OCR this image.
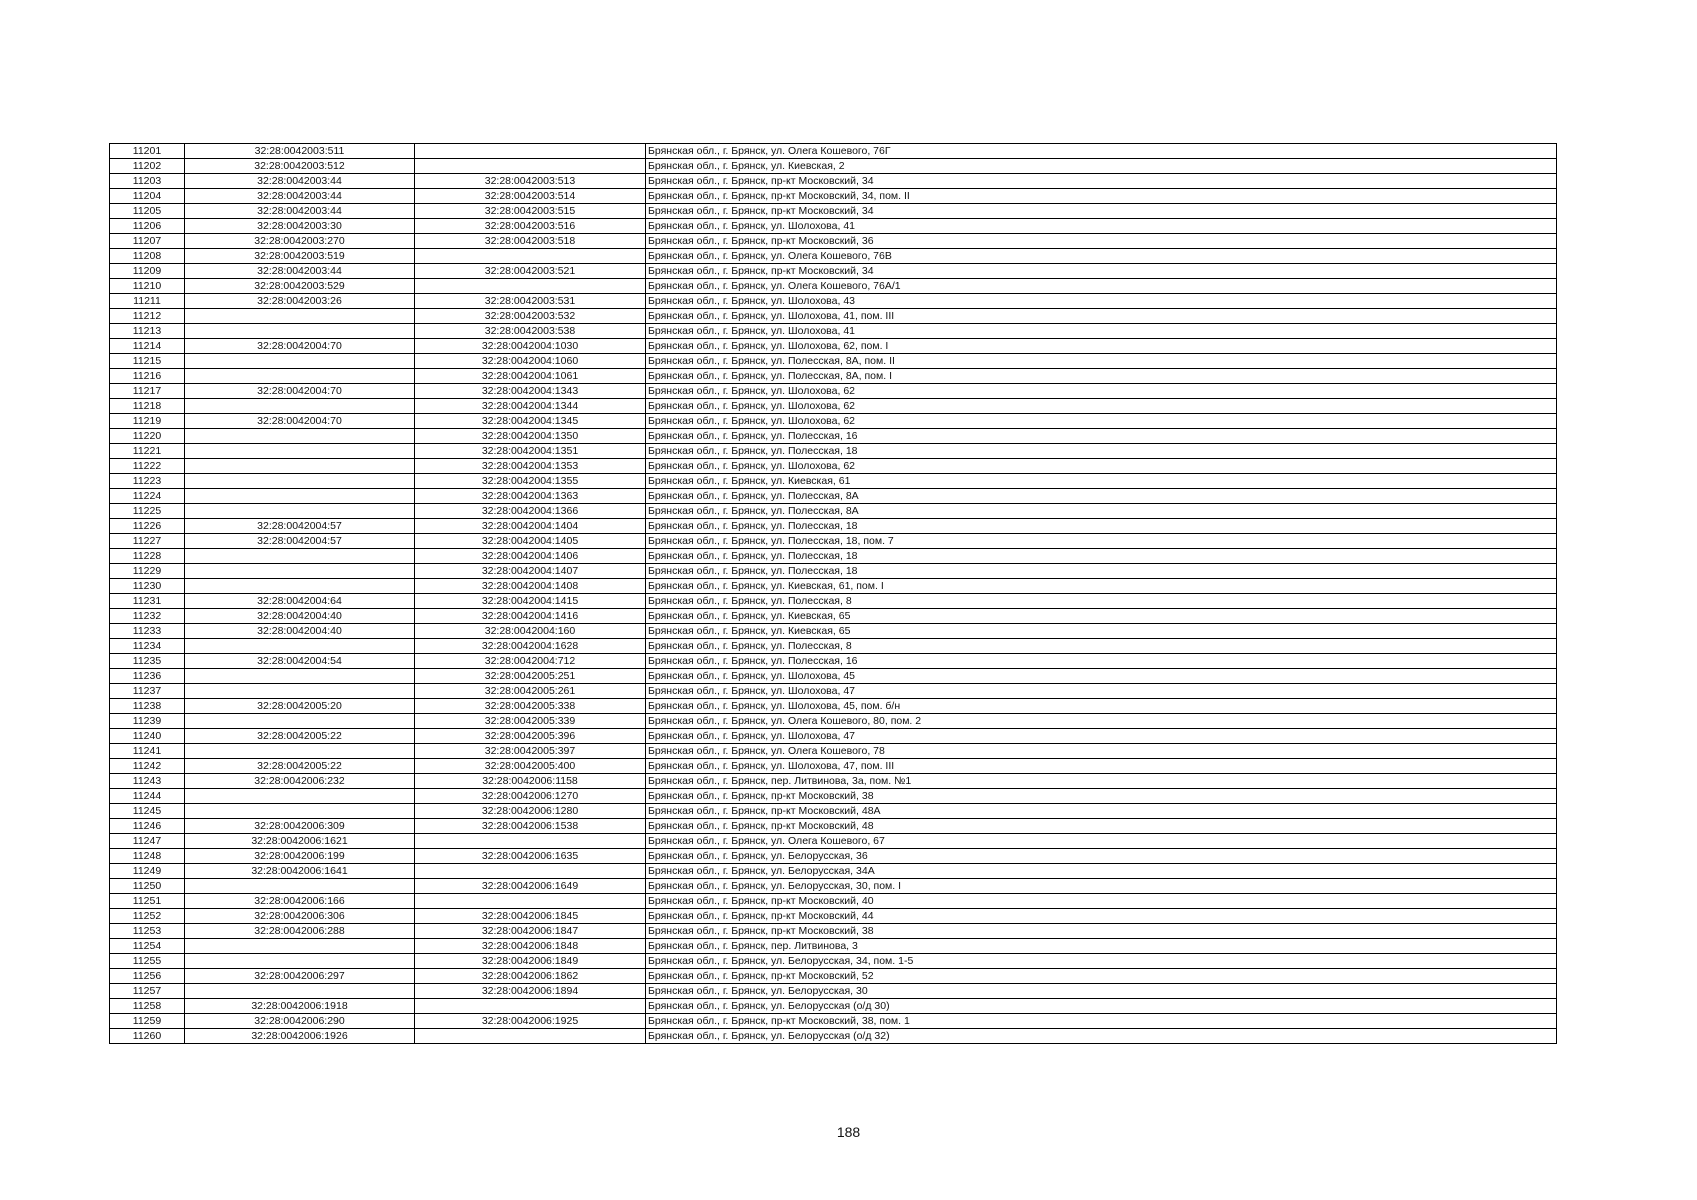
11201	32:28:0042003:511		Брянская обл., г. Брянск, ул. Олега Кошевого, 76Г
11202	32:28:0042003:512		Брянская обл., г. Брянск, ул. Киевская, 2
11203	32:28:0042003:44	32:28:0042003:513	Брянская обл., г. Брянск, пр-кт Московский, 34
11204	32:28:0042003:44	32:28:0042003:514	Брянская обл., г. Брянск, пр-кт Московский, 34, пом. II
11205	32:28:0042003:44	32:28:0042003:515	Брянская обл., г. Брянск, пр-кт Московский, 34
11206	32:28:0042003:30	32:28:0042003:516	Брянская обл., г. Брянск, ул. Шолохова, 41
11207	32:28:0042003:270	32:28:0042003:518	Брянская обл., г. Брянск, пр-кт Московский, 36
11208	32:28:0042003:519		Брянская обл., г. Брянск, ул. Олега Кошевого, 76В
11209	32:28:0042003:44	32:28:0042003:521	Брянская обл., г. Брянск, пр-кт Московский, 34
11210	32:28:0042003:529		Брянская обл., г. Брянск, ул. Олега Кошевого, 76А/1
11211	32:28:0042003:26	32:28:0042003:531	Брянская обл., г. Брянск, ул. Шолохова, 43
11212		32:28:0042003:532	Брянская обл., г. Брянск, ул. Шолохова, 41, пом. III
11213		32:28:0042003:538	Брянская обл., г. Брянск, ул. Шолохова, 41
11214	32:28:0042004:70	32:28:0042004:1030	Брянская обл., г. Брянск, ул. Шолохова, 62, пом. I
11215		32:28:0042004:1060	Брянская обл., г. Брянск, ул. Полесская, 8А, пом. II
11216		32:28:0042004:1061	Брянская обл., г. Брянск, ул. Полесская, 8А, пом. I
11217	32:28:0042004:70	32:28:0042004:1343	Брянская обл., г. Брянск, ул. Шолохова, 62
11218		32:28:0042004:1344	Брянская обл., г. Брянск, ул. Шолохова, 62
11219	32:28:0042004:70	32:28:0042004:1345	Брянская обл., г. Брянск, ул. Шолохова, 62
11220		32:28:0042004:1350	Брянская обл., г. Брянск, ул. Полесская, 16
11221		32:28:0042004:1351	Брянская обл., г. Брянск, ул. Полесская, 18
11222		32:28:0042004:1353	Брянская обл., г. Брянск, ул. Шолохова, 62
11223		32:28:0042004:1355	Брянская обл., г. Брянск, ул. Киевская, 61
11224		32:28:0042004:1363	Брянская обл., г. Брянск, ул. Полесская, 8А
11225		32:28:0042004:1366	Брянская обл., г. Брянск, ул. Полесская, 8А
11226	32:28:0042004:57	32:28:0042004:1404	Брянская обл., г. Брянск, ул. Полесская, 18
11227	32:28:0042004:57	32:28:0042004:1405	Брянская обл., г. Брянск, ул. Полесская, 18, пом. 7
11228		32:28:0042004:1406	Брянская обл., г. Брянск, ул. Полесская, 18
11229		32:28:0042004:1407	Брянская обл., г. Брянск, ул. Полесская, 18
11230		32:28:0042004:1408	Брянская обл., г. Брянск, ул. Киевская, 61, пом. I
11231	32:28:0042004:64	32:28:0042004:1415	Брянская обл., г. Брянск, ул. Полесская, 8
11232	32:28:0042004:40	32:28:0042004:1416	Брянская обл., г. Брянск, ул. Киевская, 65
11233	32:28:0042004:40	32:28:0042004:160	Брянская обл., г. Брянск, ул. Киевская, 65
11234		32:28:0042004:1628	Брянская обл., г. Брянск, ул. Полесская, 8
11235	32:28:0042004:54	32:28:0042004:712	Брянская обл., г. Брянск, ул. Полесская, 16
11236		32:28:0042005:251	Брянская обл., г. Брянск, ул. Шолохова, 45
11237		32:28:0042005:261	Брянская обл., г. Брянск, ул. Шолохова, 47
11238	32:28:0042005:20	32:28:0042005:338	Брянская обл., г. Брянск, ул. Шолохова, 45, пом. б/н
11239		32:28:0042005:339	Брянская обл., г. Брянск, ул. Олега Кошевого, 80, пом. 2
11240	32:28:0042005:22	32:28:0042005:396	Брянская обл., г. Брянск, ул. Шолохова, 47
11241		32:28:0042005:397	Брянская обл., г. Брянск, ул. Олега Кошевого, 78
11242	32:28:0042005:22	32:28:0042005:400	Брянская обл., г. Брянск, ул. Шолохова, 47, пом. III
11243	32:28:0042006:232	32:28:0042006:1158	Брянская обл., г. Брянск, пер. Литвинова, 3а, пом. №1
11244		32:28:0042006:1270	Брянская обл., г. Брянск, пр-кт Московский, 38
11245		32:28:0042006:1280	Брянская обл., г. Брянск, пр-кт Московский, 48А
11246	32:28:0042006:309	32:28:0042006:1538	Брянская обл., г. Брянск, пр-кт Московский, 48
11247	32:28:0042006:1621		Брянская обл., г. Брянск, ул. Олега Кошевого, 67
11248	32:28:0042006:199	32:28:0042006:1635	Брянская обл., г. Брянск, ул. Белорусская, 36
11249	32:28:0042006:1641		Брянская обл., г. Брянск, ул. Белорусская, 34А
11250		32:28:0042006:1649	Брянская обл., г. Брянск, ул. Белорусская, 30, пом. I
11251	32:28:0042006:166		Брянская обл., г. Брянск, пр-кт Московский, 40
11252	32:28:0042006:306	32:28:0042006:1845	Брянская обл., г. Брянск, пр-кт Московский, 44
11253	32:28:0042006:288	32:28:0042006:1847	Брянская обл., г. Брянск, пр-кт Московский, 38
11254		32:28:0042006:1848	Брянская обл., г. Брянск, пер. Литвинова, 3
11255		32:28:0042006:1849	Брянская обл., г. Брянск, ул. Белорусская, 34, пом. 1-5
11256	32:28:0042006:297	32:28:0042006:1862	Брянская обл., г. Брянск, пр-кт Московский, 52
11257		32:28:0042006:1894	Брянская обл., г. Брянск, ул. Белорусская, 30
11258	32:28:0042006:1918		Брянская обл., г. Брянск, ул. Белорусская (о/д 30)
11259	32:28:0042006:290	32:28:0042006:1925	Брянская обл., г. Брянск, пр-кт Московский, 38, пом. 1
11260	32:28:0042006:1926		Брянская обл., г. Брянск, ул. Белорусская (о/д 32)
188
